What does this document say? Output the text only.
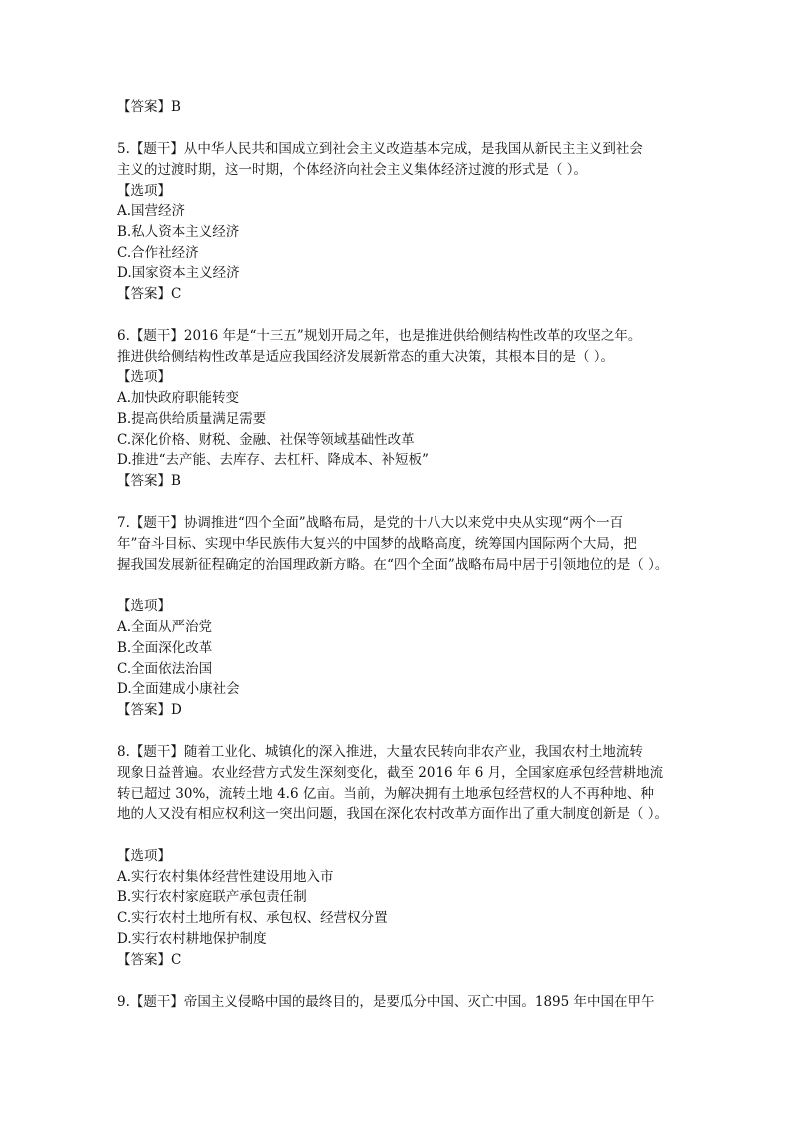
【答案】B
5.【题干】从中华人民共和国成立到社会主义改造基本完成，是我国从新民主主义到社会
主义的过渡时期，这一时期，个体经济向社会主义集体经济过渡的形式是（ ）。
【选项】
A.国营经济
B.私人资本主义经济
C.合作社经济
D.国家资本主义经济
【答案】C
6.【题干】2016 年是“十三五”规划开局之年，也是推进供给侧结构性改革的攻坚之年。
推进供给侧结构性改革是适应我国经济发展新常态的重大决策，其根本目的是（ ）。
【选项】
A.加快政府职能转变
B.提高供给质量满足需要
C.深化价格、财税、金融、社保等领域基础性改革
D.推进“去产能、去库存、去杠杆、降成本、补短板”
【答案】B
7.【题干】协调推进“四个全面”战略布局，是党的十八大以来党中央从实现“两个一百
年”奋斗目标、实现中华民族伟大复兴的中国梦的战略高度，统筹国内国际两个大局，把
握我国发展新征程确定的治国理政新方略。在“四个全面”战略布局中居于引领地位的是（ ）。
【选项】
A.全面从严治党
B.全面深化改革
C.全面依法治国
D.全面建成小康社会
【答案】D
8.【题干】随着工业化、城镇化的深入推进，大量农民转向非农产业，我国农村土地流转
现象日益普遍。农业经营方式发生深刻变化，截至 2016 年 6 月，全国家庭承包经营耕地流
转已超过 30%，流转土地 4.6 亿亩。当前，为解决拥有土地承包经营权的人不再种地、种
地的人又没有相应权利这一突出问题，我国在深化农村改革方面作出了重大制度创新是（ ）。
【选项】
A.实行农村集体经营性建设用地入市
B.实行农村家庭联产承包责任制
C.实行农村土地所有权、承包权、经营权分置
D.实行农村耕地保护制度
【答案】C
9.【题干】帝国主义侵略中国的最终目的，是要瓜分中国、灭亡中国。1895 年中国在甲午
